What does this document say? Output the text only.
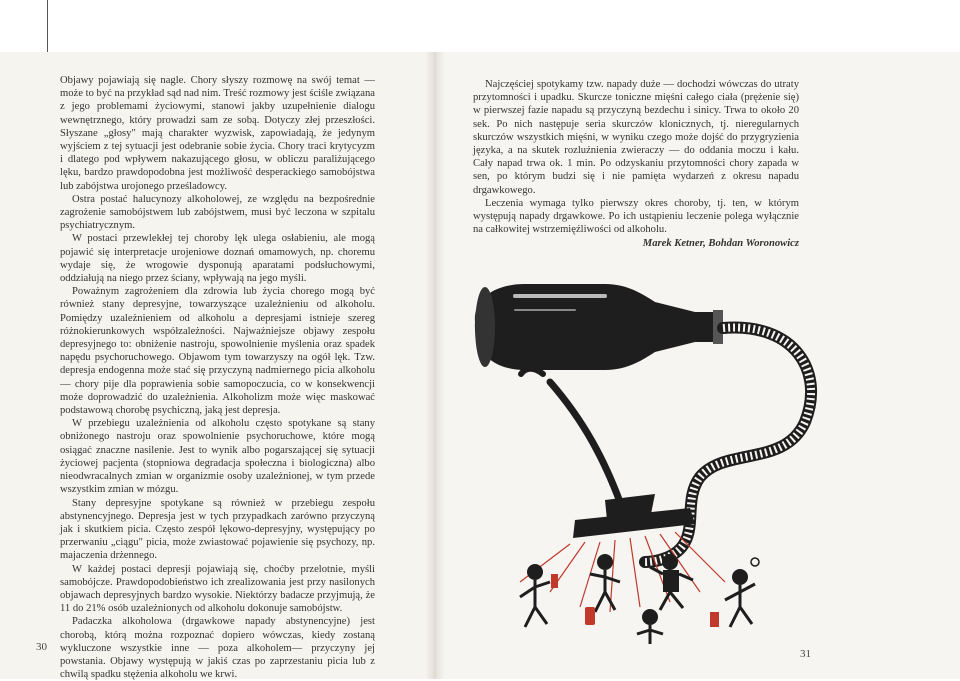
Objawy pojawiają się nagle. Chory słyszy rozmowę na swój temat — może to być na przykład sąd nad nim. Treść rozmowy jest ściśle związana z jego problemami życiowymi, stanowi jakby uzupełnienie dialogu wewnętrznego, który prowadzi sam ze sobą. Dotyczy złej przeszłości. Słyszane „głosy" mają charakter wyzwisk, zapowiadają, że jedynym wyjściem z tej sytuacji jest odebranie sobie życia. Chory traci krytycyzm i dlatego pod wpływem nakazującego głosu, w obliczu paraliżującego lęku, bardzo prawdopodobna jest możliwość desperackiego samobójstwa lub zabójstwa urojonego prześladowcy.

Ostra postać halucynozy alkoholowej, ze względu na bezpośrednie zagrożenie samobójstwem lub zabójstwem, musi być leczona w szpitalu psychiatrycznym.

W postaci przewlekłej tej choroby lęk ulega osłabieniu, ale mogą pojawić się interpretacje urojeniowe doznań omamowych, np. choremu wydaje się, że wrogowie dysponują aparatami podsłuchowymi, oddziałują na niego przez ściany, wpływają na jego myśli.

Poważnym zagrożeniem dla zdrowia lub życia chorego mogą być również stany depresyjne, towarzyszące uzależnieniu od alkoholu. Pomiędzy uzależnieniem od alkoholu a depresjami istnieje szereg różnokierunkowych współzależności. Najważniejsze objawy zespołu depresyjnego to: obniżenie nastroju, spowolnienie myślenia oraz spadek napędu psychoruchowego. Objawom tym towarzyszy na ogół lęk. Tzw. depresja endogenna może stać się przyczyną nadmiernego picia alkoholu — chory pije dla poprawienia sobie samopoczucia, co w konsekwencji może doprowadzić do uzależnienia. Alkoholizm może więc maskować podstawową chorobę psychiczną, jaką jest depresja.

W przebiegu uzależnienia od alkoholu często spotykane są stany obniżonego nastroju oraz spowolnienie psychoruchowe, które mogą osiągać znaczne nasilenie. Jest to wynik albo pogarszającej się sytuacji życiowej pacjenta (stopniowa degradacja społeczna i biologiczna) albo nieodwracalnych zmian w organizmie osoby uzależnionej, w tym przede wszystkim zmian w mózgu.

Stany depresyjne spotykane są również w przebiegu zespołu abstynencyjnego. Depresja jest w tych przypadkach zarówno przyczyną jak i skutkiem picia. Często zespół lękowo-depresyjny, występujący po przerwaniu „ciągu" picia, może zwiastować pojawienie się psychozy, np. majaczenia drżennego.

W każdej postaci depresji pojawiają się, choćby przelotnie, myśli samobójcze. Prawdopodobieństwo ich zrealizowania jest przy nasilonych objawach depresyjnych bardzo wysokie. Niektórzy badacze przyjmują, że 11 do 21% osób uzależnionych od alkoholu dokonuje samobójstw.

Padaczka alkoholowa (drgawkowe napady abstynencyjne) jest chorobą, którą można rozpoznać dopiero wówczas, kiedy zostaną wykluczone wszystkie inne — poza alkoholem— przyczyny jej powstania. Objawy występują w jakiś czas po zaprzestaniu picia lub z chwilą spadku stężenia alkoholu we krwi.

Najczęściej spotykamy tzw. napady duże — dochodzi wówczas do utraty przytomności i upadku. Skurcze toniczne mięśni całego ciała (prężenie się) w pierwszej fazie napadu są przyczyną bezdechu i sinicy. Trwa to około 20 sek. Po nich następuje seria skurczów klonicznych, tj. nieregularnych skurczów wszystkich mięśni, w wyniku czego może dojść do przygryzienia języka, a na skutek rozluźnienia zwieraczy — do oddania moczu i kału. Cały napad trwa ok. 1 min. Po odzyskaniu przytomności chory zapada w sen, po którym budzi się i nie pamięta wydarzeń z okresu napadu drgawkowego.

Leczenia wymaga tylko pierwszy okres choroby, tj. ten, w którym występują napady drgawkowe. Po ich ustąpieniu leczenie polega wyłącznie na całkowitej wstrzemięźliwości od alkoholu.

Marek Ketner, Bohdan Woronowicz
30
31
